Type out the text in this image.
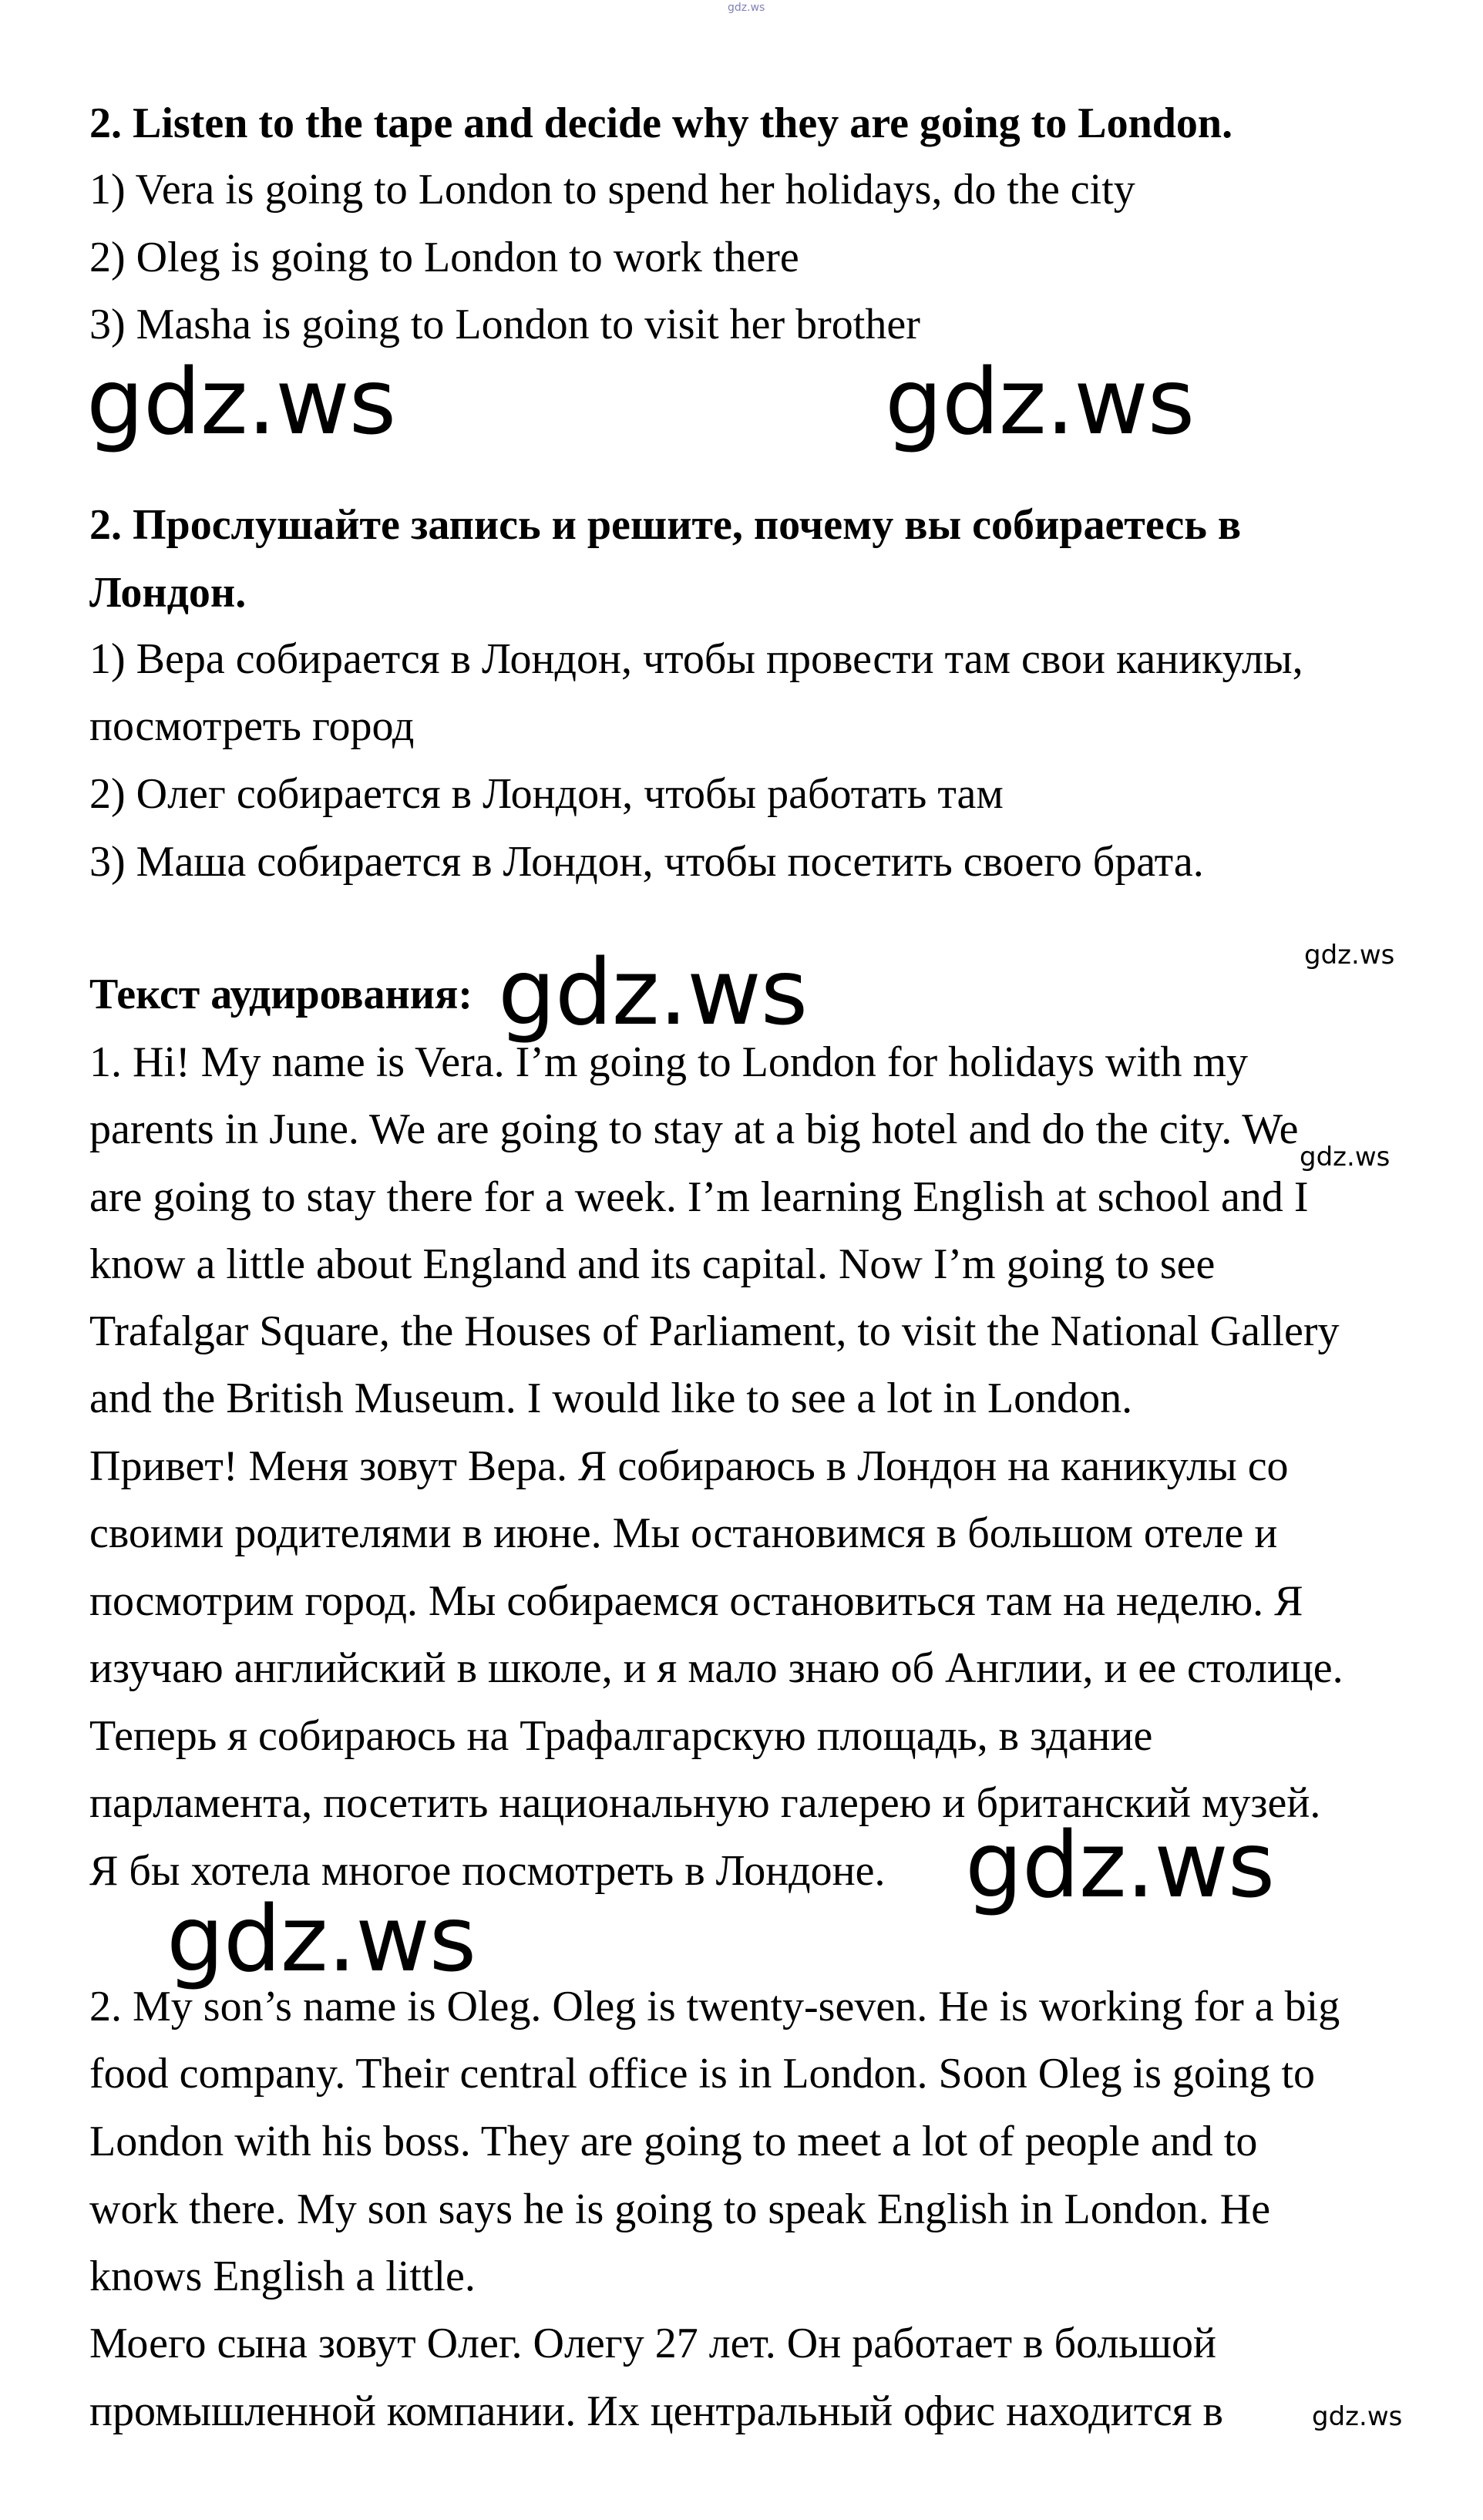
gdz.ws
2. Listen to the tape and decide why they are going to London.
1) Vera is going to London to spend her holidays, do the city
2) Oleg is going to London to work there
3) Masha is going to London to visit her brother
gdz.ws	gdz.ws
2. Прослушайте запись и решите, почему вы собираетесь в
Лондон.
1) Вера собирается в Лондон, чтобы провести там свои каникулы,
посмотреть город
2) Олег собирается в Лондон, чтобы работать там
3) Маша собирается в Лондон, чтобы посетить своего брата.
Текст аудирования: gdz.ws	gdz.ws
1. Hi! My name is Vera. I’m going to London for holidays with my
parents in June. We are going to stay at a big hotel and do the city. We
gdz.ws
are going to stay there for a week. I’m learning English at school and I
know a little about England and its capital. Now I’m going to see
Trafalgar Square, the Houses of Parliament, to visit the National Gallery
and the British Museum. I would like to see a lot in London.
Привет! Меня зовут Вера. Я собираюсь в Лондон на каникулы со
своими родителями в июне. Мы остановимся в большом отеле и
посмотрим город. Мы собираемся остановиться там на неделю. Я
изучаю английский в школе, и я мало знаю об Англии, и ее столице.
Теперь я собираюсь на Трафалгарскую площадь, в здание
парламента, посетить национальную галерею и британский музей.
Я бы хотела многое посмотреть в Лондоне. gdz.ws
gdz.ws
2. My son’s name is Oleg. Oleg is twenty-seven. He is working for a big
food company. Their central office is in London. Soon Oleg is going to
London with his boss. They are going to meet a lot of people and to
work there. My son says he is going to speak English in London. He
knows English a little.
Моего сына зовут Олег. Олегу 27 лет. Он работает в большой
промышленной компании. Их центральный офис находится в	gdz.ws
